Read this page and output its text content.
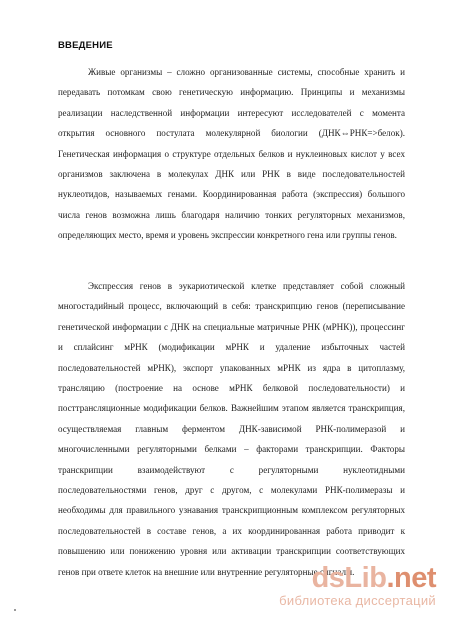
ВВЕДЕНИЕ
Живые организмы – сложно организованные системы, способные хранить и передавать потомкам свою генетическую информацию. Принципы и механизмы реализации наследственной информации интересуют исследователей с момента открытия основного постулата молекулярной биологии (ДНК⇔РНК=>белок). Генетическая информация о структуре отдельных белков и нуклеиновых кислот у всех организмов заключена в молекулах ДНК или РНК в виде последовательностей нуклеотидов, называемых генами. Координированная работа (экспрессия) большого числа генов возможна лишь благодаря наличию тонких регуляторных механизмов, определяющих место, время и уровень экспрессии конкретного гена или группы генов.
Экспрессия генов в эукариотической клетке представляет собой сложный многостадийный процесс, включающий в себя: транскрипцию генов (переписывание генетической информации с ДНК на специальные матричные РНК (мРНК)), процессинг и сплайсинг мРНК (модификации мРНК и удаление избыточных частей последовательностей мРНК), экспорт упакованных мРНК из ядра в цитоплазму, трансляцию (построение на основе мРНК белковой последовательности) и посттрансляционные модификации белков. Важнейшим этапом является транскрипция, осуществляемая главным ферментом ДНК-зависимой РНК-полимеразой и многочисленными регуляторными белками – факторами транскрипции. Факторы транскрипции взаимодействуют с регуляторными нуклеотидными последовательностями генов, друг с другом, с молекулами РНК-полимеразы и необходимы для правильного узнавания транскрипционным комплексом регуляторных последовательностей в составе генов, а их координированная работа приводит к повышению или понижению уровня или активации транскрипции соответствующих генов при ответе клеток на внешние или внутренние регуляторные сигналы.
dsLib.net
библиотека диссертаций
